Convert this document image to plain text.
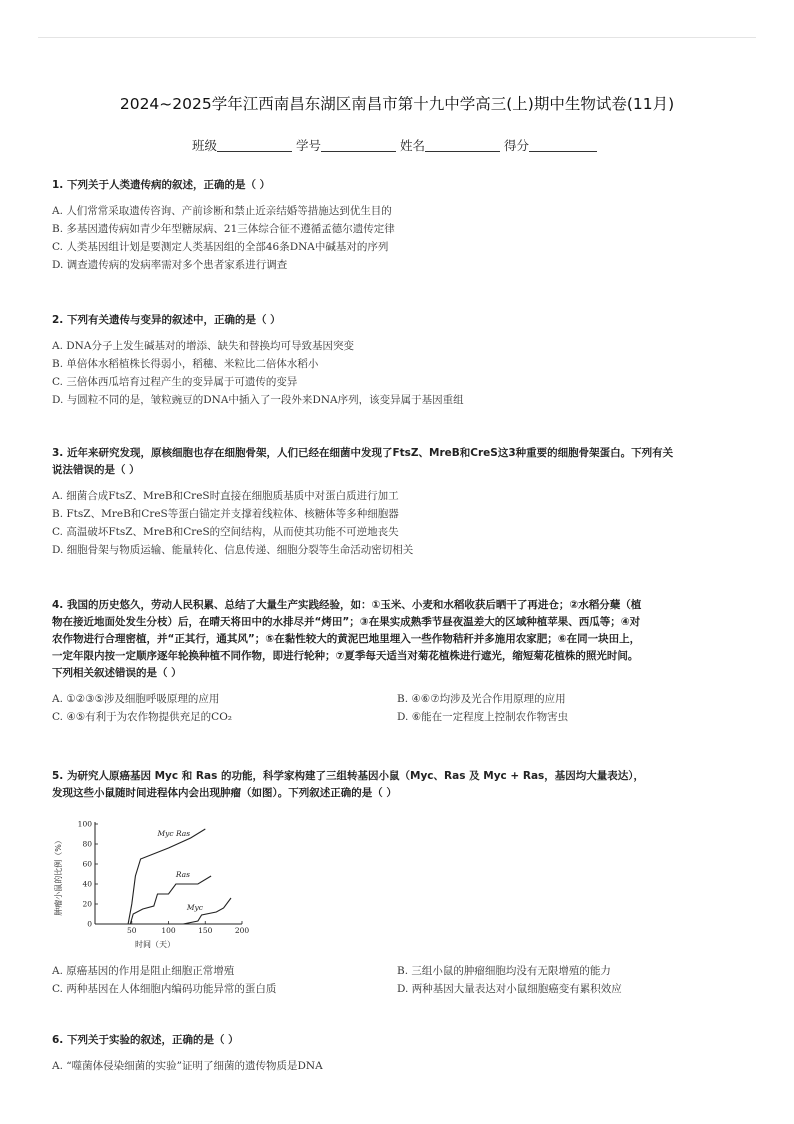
2024~2025学年江西南昌东湖区南昌市第十九中学高三(上)期中生物试卷(11月)
班级	学号	姓名	得分
1. 下列关于人类遗传病的叙述，正确的是（ ）
A. 人们常常采取遗传咨询、产前诊断和禁止近亲结婚等措施达到优生目的
B. 多基因遗传病如青少年型糖尿病、21三体综合征不遵循孟德尔遗传定律
C. 人类基因组计划是要测定人类基因组的全部46条DNA中碱基对的序列
D. 调查遗传病的发病率需对多个患者家系进行调查
2. 下列有关遗传与变异的叙述中，正确的是（ ）
A. DNA分子上发生碱基对的增添、缺失和替换均可导致基因突变
B. 单倍体水稻植株长得弱小，稻穗、米粒比二倍体水稻小
C. 三倍体西瓜培育过程产生的变异属于可遗传的变异
D. 与圆粒不同的是，皱粒豌豆的DNA中插入了一段外来DNA序列，该变异属于基因重组
3. 近年来研究发现，原核细胞也存在细胞骨架，人们已经在细菌中发现了FtsZ、MreB和CreS这3种重要的细胞骨架蛋白。下列有关
说法错误的是（ ）
A. 细菌合成FtsZ、MreB和CreS时直接在细胞质基质中对蛋白质进行加工
B. FtsZ、MreB和CreS等蛋白锚定并支撑着线粒体、核糖体等多种细胞器
C. 高温破坏FtsZ、MreB和CreS的空间结构，从而使其功能不可逆地丧失
D. 细胞骨架与物质运输、能量转化、信息传递、细胞分裂等生命活动密切相关
4. 我国的历史悠久，劳动人民积累、总结了大量生产实践经验，如：①玉米、小麦和水稻收获后晒干了再进仓；②水稻分蘖（植
物在接近地面处发生分枝）后，在晴天将田中的水排尽并“烤田”；③在果实成熟季节昼夜温差大的区域种植苹果、西瓜等；④对
农作物进行合理密植，并“正其行，通其风”；⑤在黏性较大的黄泥巴地里埋入一些作物秸秆并多施用农家肥；⑥在同一块田上，
一定年限内按一定顺序逐年轮换种植不同作物，即进行轮种；⑦夏季每天适当对菊花植株进行遮光，缩短菊花植株的照光时间。
下列相关叙述错误的是（ ）
A. ①②③⑤涉及细胞呼吸原理的应用	B. ④⑥⑦均涉及光合作用原理的应用
C. ④⑤有利于为农作物提供充足的CO₂	D. ⑥能在一定程度上控制农作物害虫
5. 为研究人原癌基因 Myc 和 Ras 的功能，科学家构建了三组转基因小鼠（Myc、Ras 及 Myc + Ras，基因均大量表达），
发现这些小鼠随时间进程体内会出现肿瘤（如图）。下列叙述正确的是（ ）
50	100	150	200
0
20
40
60
80
100
Myc Ras
Ras
Myc
时间（天）
肿瘤小鼠的比例（%）
A. 原癌基因的作用是阻止细胞正常增殖	B. 三组小鼠的肿瘤细胞均没有无限增殖的能力
C. 两种基因在人体细胞内编码功能异常的蛋白质	D. 两种基因大量表达对小鼠细胞癌变有累积效应
6. 下列关于实验的叙述，正确的是（ ）
A. “噬菌体侵染细菌的实验”证明了细菌的遗传物质是DNA
